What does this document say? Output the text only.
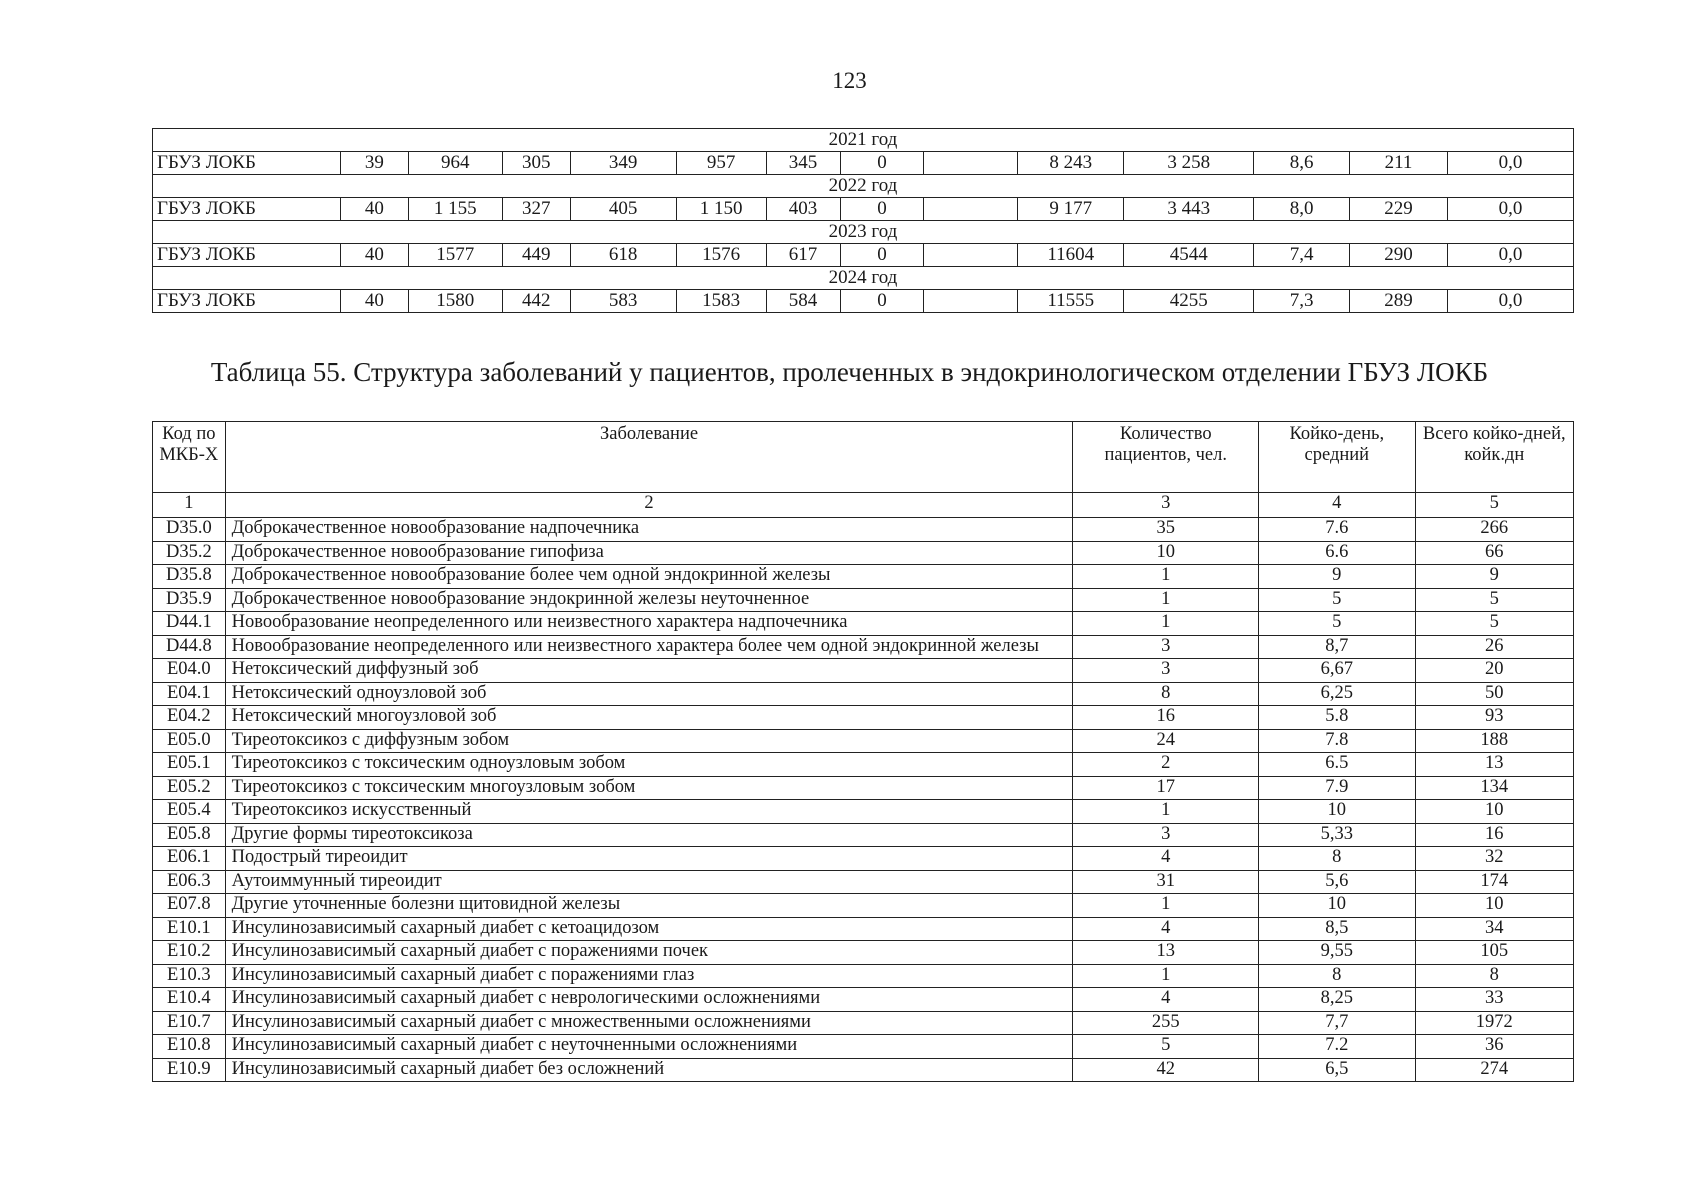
123
2021 год													
ГБУЗ ЛОКБ	39	964	305	349	957	345	0		8 243	3 258	8,6	211	0,0
2022 год													
ГБУЗ ЛОКБ	40	1 155	327	405	1 150	403	0		9 177	3 443	8,0	229	0,0
2023 год													
ГБУЗ ЛОКБ	40	1577	449	618	1576	617	0		11604	4544	7,4	290	0,0
2024 год													
ГБУЗ ЛОКБ	40	1580	442	583	1583	584	0		11555	4255	7,3	289	0,0
Таблица 55. Структура заболеваний у пациентов, пролеченных в эндокринологическом отделении ГБУЗ ЛОКБ
Код по МКБ-Х	Заболевание	Количество пациентов, чел.	Койко-день, средний	Всего койко-дней, койк.дн
1	2	3	4	5
D35.0	Доброкачественное новообразование надпочечника	35	7.6	266
D35.2	Доброкачественное новообразование гипофиза	10	6.6	66
D35.8	Доброкачественное новообразование более чем одной эндокринной железы	1	9	9
D35.9	Доброкачественное новообразование эндокринной железы неуточненное	1	5	5
D44.1	Новообразование неопределенного или неизвестного характера надпочечника	1	5	5
D44.8	Новообразование неопределенного или неизвестного характера более чем одной эндокринной железы	3	8,7	26
E04.0	Нетоксический диффузный зоб	3	6,67	20
E04.1	Нетоксический одноузловой зоб	8	6,25	50
E04.2	Нетоксический многоузловой зоб	16	5.8	93
E05.0	Тиреотоксикоз с диффузным зобом	24	7.8	188
E05.1	Тиреотоксикоз с токсическим одноузловым зобом	2	6.5	13
E05.2	Тиреотоксикоз с токсическим многоузловым зобом	17	7.9	134
E05.4	Тиреотоксикоз искусственный	1	10	10
E05.8	Другие формы тиреотоксикоза	3	5,33	16
E06.1	Подострый тиреоидит	4	8	32
E06.3	Аутоиммунный тиреоидит	31	5,6	174
E07.8	Другие уточненные болезни щитовидной железы	1	10	10
E10.1	Инсулинозависимый сахарный диабет с кетоацидозом	4	8,5	34
E10.2	Инсулинозависимый сахарный диабет с поражениями почек	13	9,55	105
E10.3	Инсулинозависимый сахарный диабет с поражениями глаз	1	8	8
E10.4	Инсулинозависимый сахарный диабет с неврологическими осложнениями	4	8,25	33
E10.7	Инсулинозависимый сахарный диабет с множественными осложнениями	255	7,7	1972
E10.8	Инсулинозависимый сахарный диабет с неуточненными осложнениями	5	7.2	36
E10.9	Инсулинозависимый сахарный диабет без осложнений	42	6,5	274
